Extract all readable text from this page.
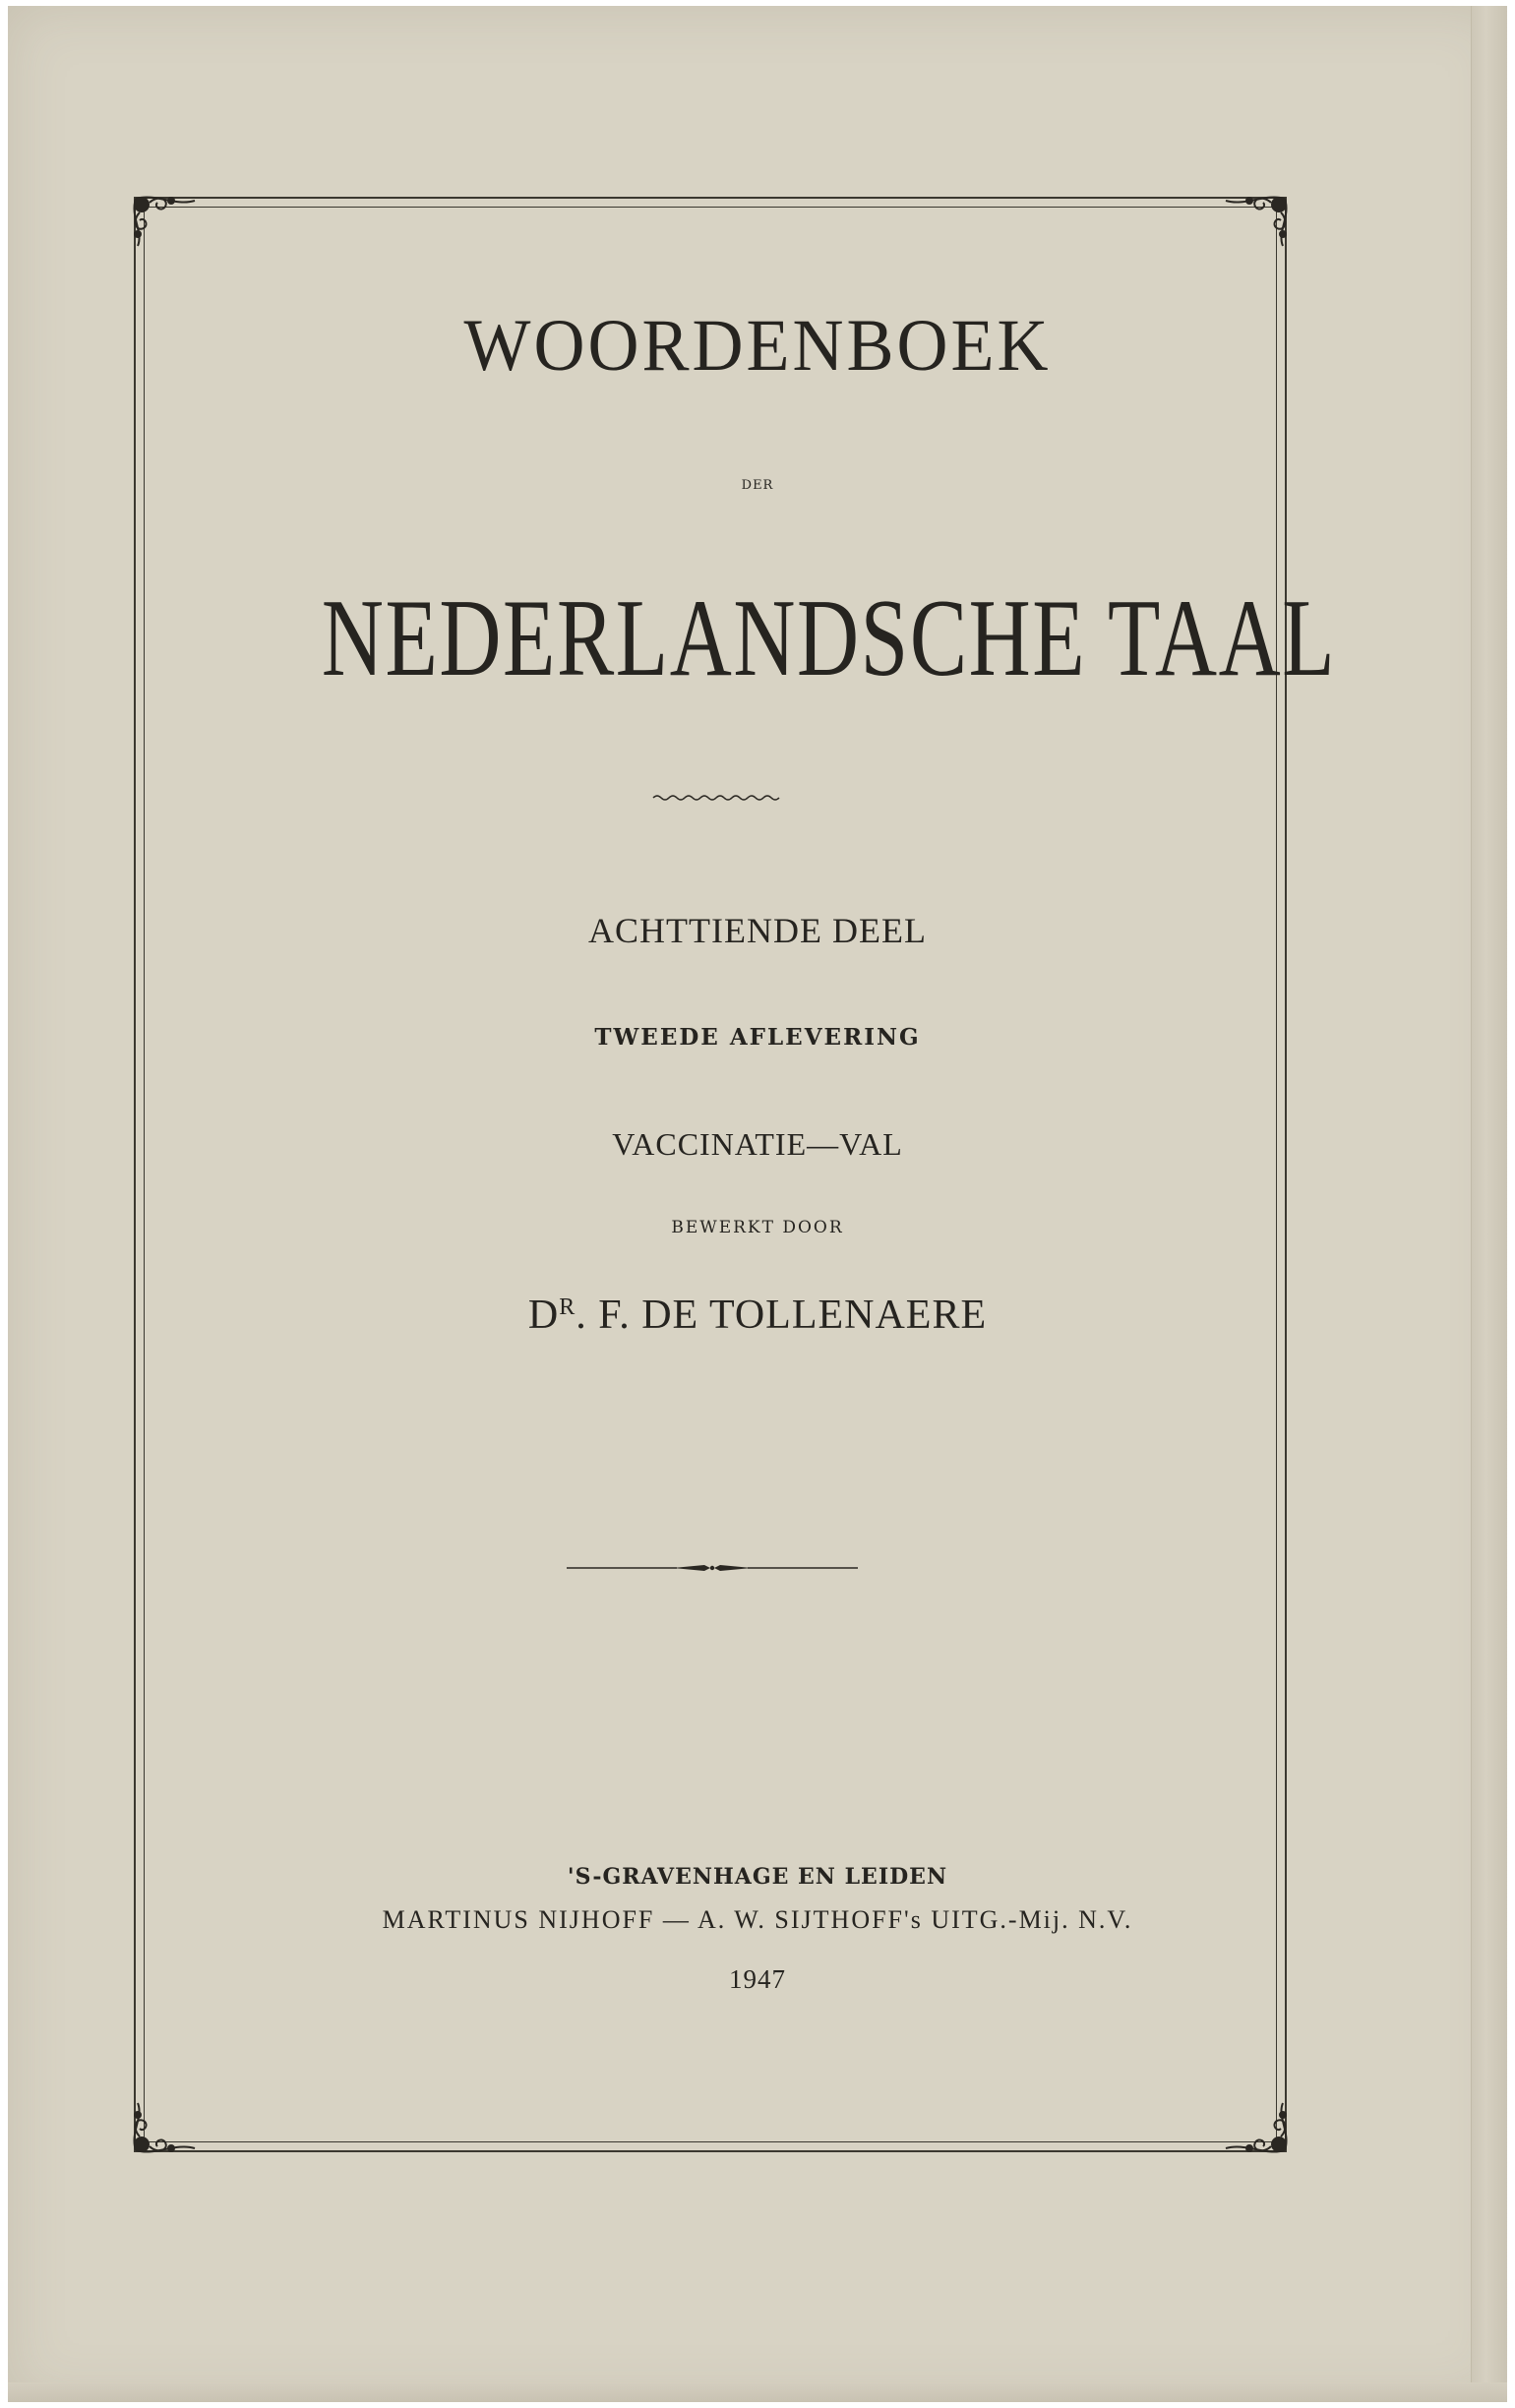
WOORDENBOEK
DER
NEDERLANDSCHE TAAL
ACHTTIENDE DEEL
TWEEDE AFLEVERING
VACCINATIE—VAL
BEWERKT DOOR
$D^R$. F. DE TOLLENAERE
'S-GRAVENHAGE EN LEIDEN
MARTINUS NIJHOFF — A. W. SIJTHOFF's UITG.-Mij. N.V.
1947
